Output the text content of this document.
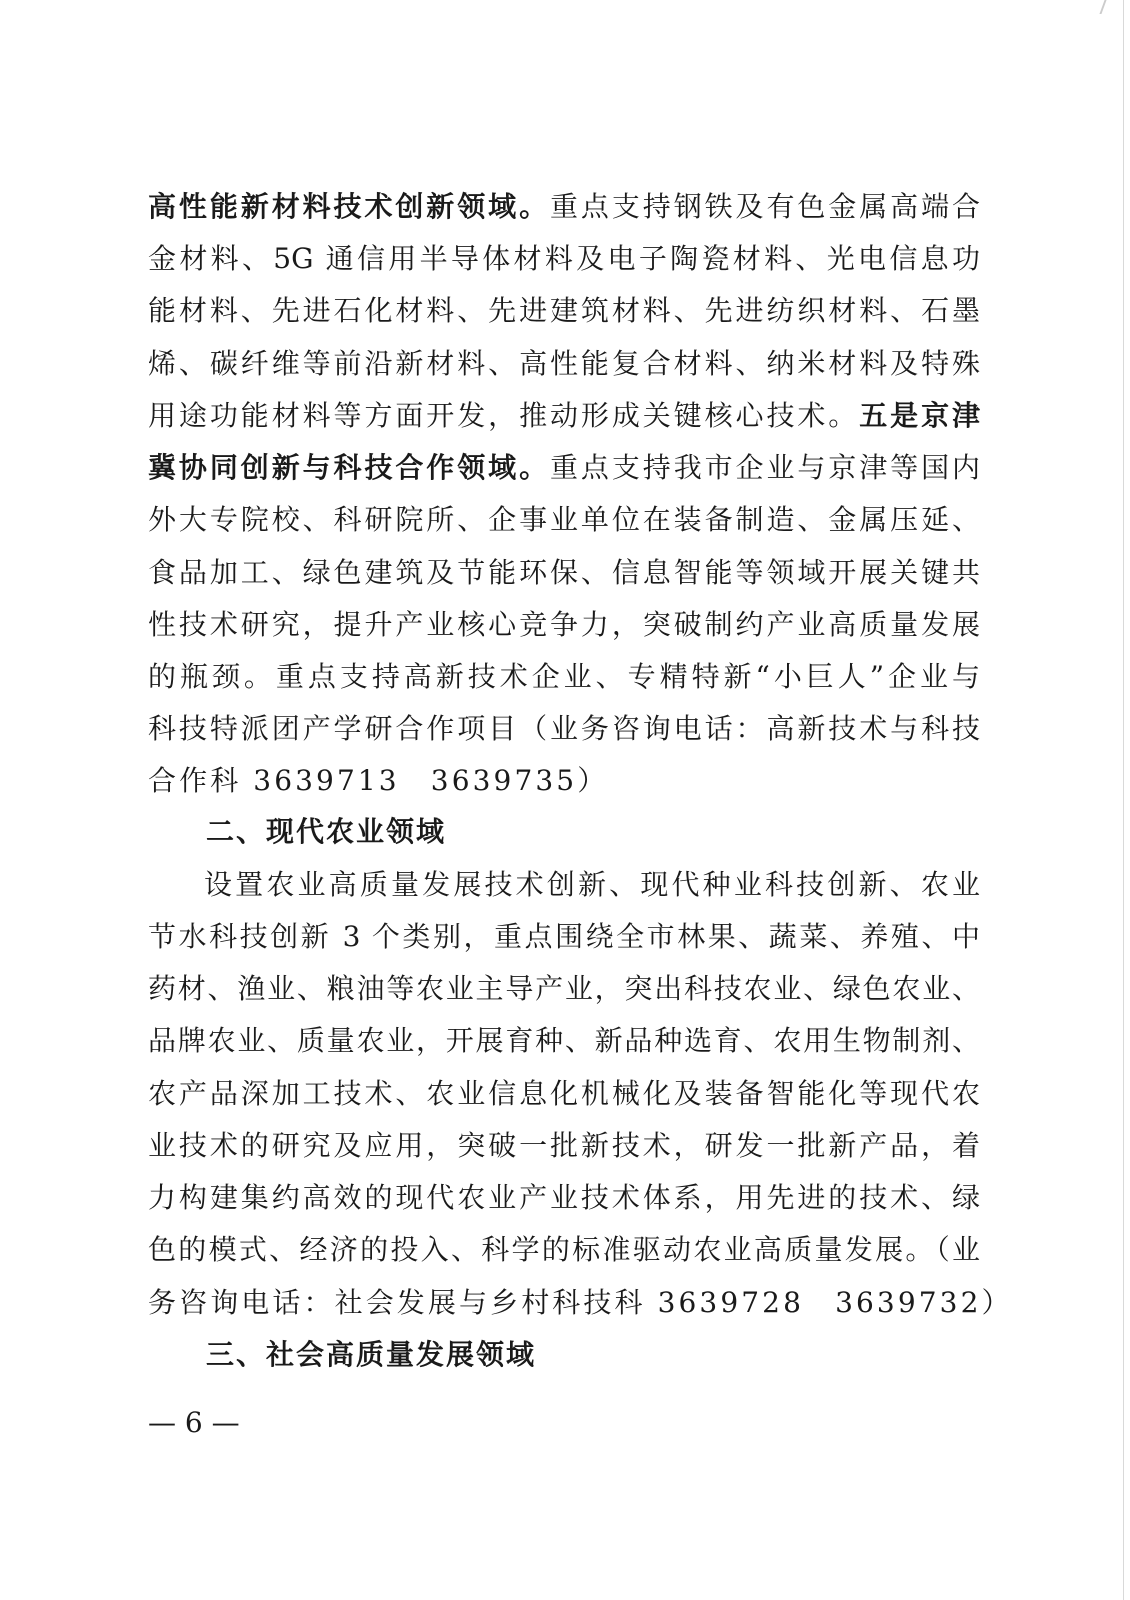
高性能新材料技术创新领域。重点支持钢铁及有色金属高端合
金材料、5G 通信用半导体材料及电子陶瓷材料、光电信息功
能材料、先进石化材料、先进建筑材料、先进纺织材料、石墨
烯、碳纤维等前沿新材料、高性能复合材料、纳米材料及特殊
用途功能材料等方面开发，推动形成关键核心技术。五是京津
冀协同创新与科技合作领域。重点支持我市企业与京津等国内
外大专院校、科研院所、企事业单位在装备制造、金属压延、
食品加工、绿色建筑及节能环保、信息智能等领域开展关键共
性技术研究，提升产业核心竞争力，突破制约产业高质量发展
的瓶颈。重点支持高新技术企业、专精特新“小巨人”企业与
科技特派团产学研合作项目（业务咨询电话：高新技术与科技
合作科 3639713　3639735）
二、现代农业领域
设置农业高质量发展技术创新、现代种业科技创新、农业
节水科技创新 3 个类别，重点围绕全市林果、蔬菜、养殖、中
药材、渔业、粮油等农业主导产业，突出科技农业、绿色农业、
品牌农业、质量农业，开展育种、新品种选育、农用生物制剂、
农产品深加工技术、农业信息化机械化及装备智能化等现代农
业技术的研究及应用，突破一批新技术，研发一批新产品，着
力构建集约高效的现代农业产业技术体系，用先进的技术、绿
色的模式、经济的投入、科学的标准驱动农业高质量发展。（业
务咨询电话：社会发展与乡村科技科 3639728　3639732）
三、社会高质量发展领域
— 6 —
